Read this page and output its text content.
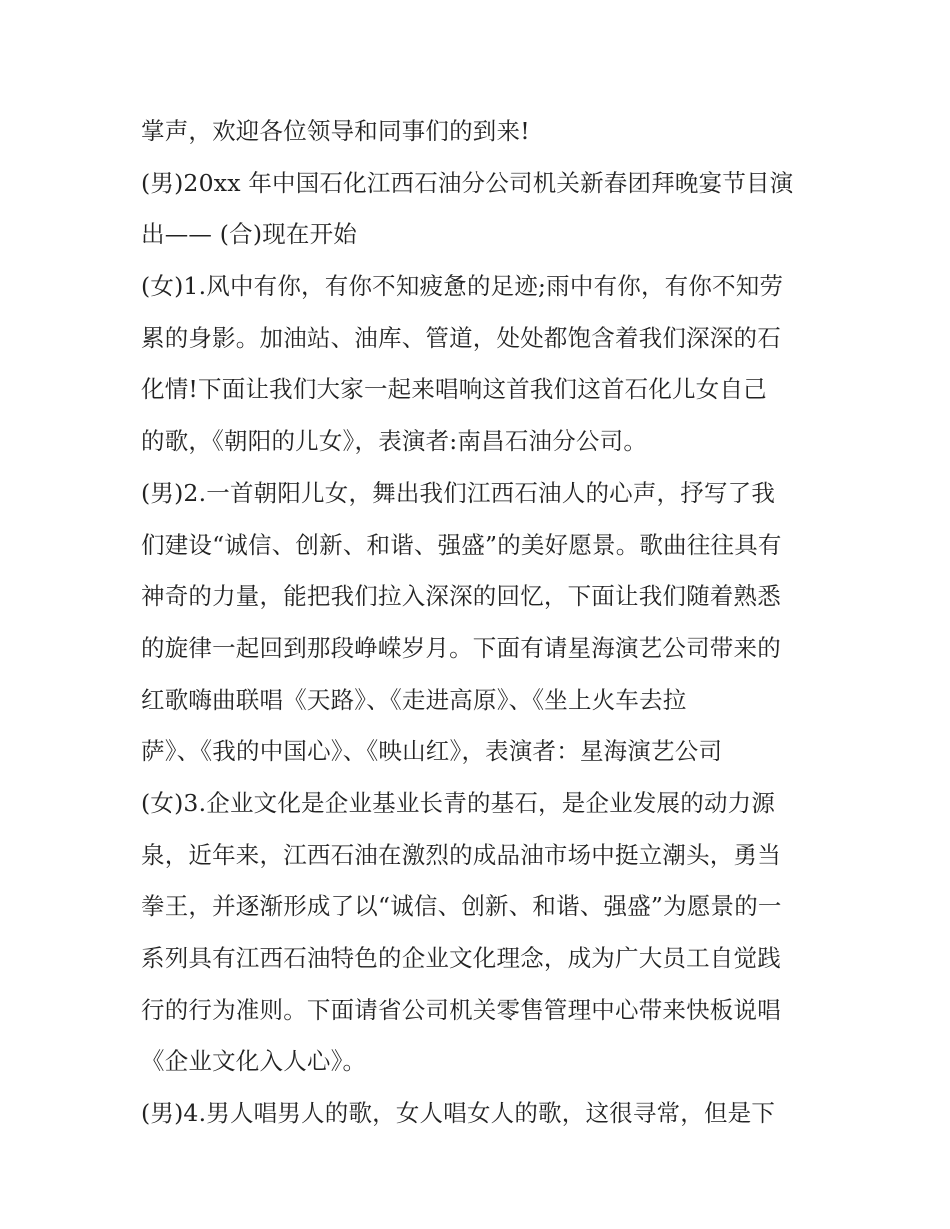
掌声，欢迎各位领导和同事们的到来!
(男)20xx 年中国石化江西石油分公司机关新春团拜晚宴节目演
出—— (合)现在开始
(女)1.风中有你，有你不知疲惫的足迹;雨中有你，有你不知劳
累的身影。加油站、油库、管道，处处都饱含着我们深深的石
化情!下面让我们大家一起来唱响这首我们这首石化儿女自己
的歌，《朝阳的儿女》，表演者:南昌石油分公司。
(男)2.一首朝阳儿女，舞出我们江西石油人的心声，抒写了我
们建设“诚信、创新、和谐、强盛”的美好愿景。歌曲往往具有
神奇的力量，能把我们拉入深深的回忆，下面让我们随着熟悉
的旋律一起回到那段峥嵘岁月。下面有请星海演艺公司带来的
红歌嗨曲联唱《天路》、《走进高原》、《坐上火车去拉
萨》、《我的中国心》、《映山红》，表演者：星海演艺公司
(女)3.企业文化是企业基业长青的基石，是企业发展的动力源
泉，近年来，江西石油在激烈的成品油市场中挺立潮头，勇当
拳王，并逐渐形成了以“诚信、创新、和谐、强盛”为愿景的一
系列具有江西石油特色的企业文化理念，成为广大员工自觉践
行的行为准则。下面请省公司机关零售管理中心带来快板说唱
《企业文化入人心》。
(男)4.男人唱男人的歌，女人唱女人的歌，这很寻常，但是下
